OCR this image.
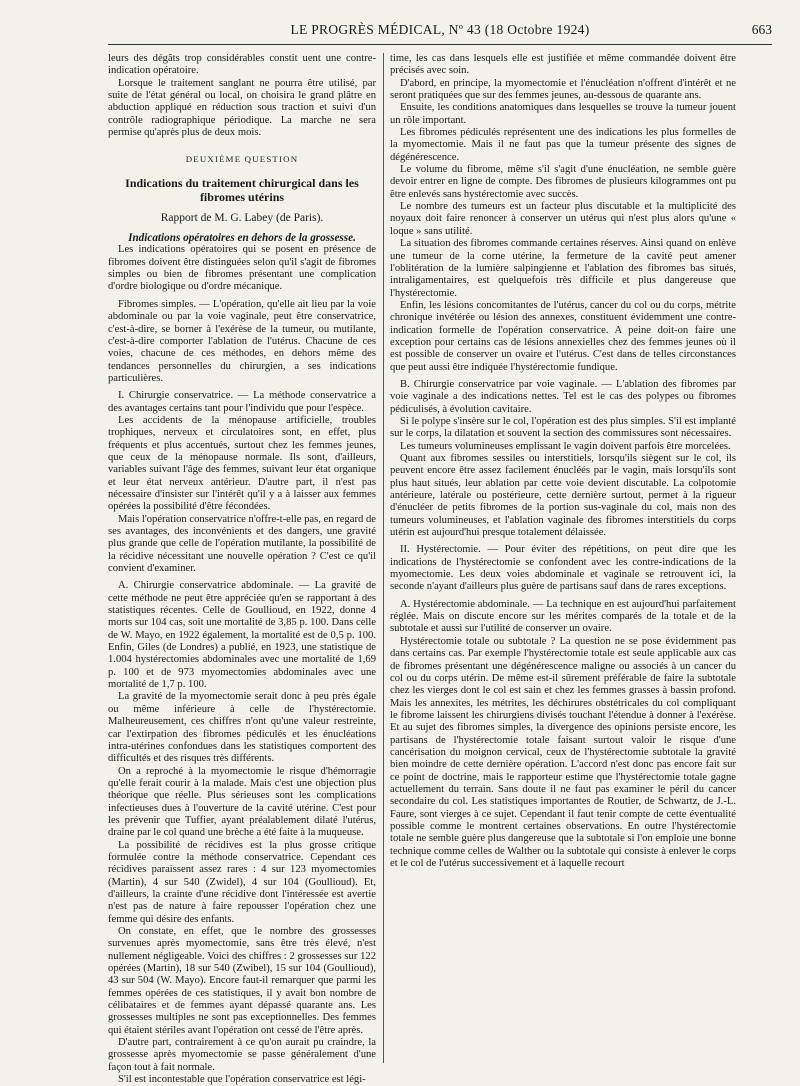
LE PROGRÈS MÉDICAL, Nº 43 (18 Octobre 1924)	663

leurs des dégâts trop considérables constit uent une contre-indication opératoire.

Lorsque le traitement sanglant ne pourra être utilisé, par suite de l'état général ou local, on choisira le grand plâtre en abduction appliqué en réduction sous traction et suivi d'un contrôle radiographique périodique. La marche ne sera permise qu'après plus de deux mois.

DEUXIÈME QUESTION
Indications du traitement chirurgical dans les fibromes utérins
Rapport de M. G. Labey (de Paris).
Indications opératoires en dehors de la grossesse.

Les indications opératoires qui se posent en présence de fibromes doivent être distinguées selon qu'il s'agit de fibromes simples ou bien de fibromes présentant une complication d'ordre biologique ou d'ordre mécanique.

Fibromes simples. — L'opération, qu'elle ait lieu par la voie abdominale ou par la voie vaginale, peut être conservatrice, c'est-à-dire, se borner à l'exérèse de la tumeur, ou mutilante, c'est-à-dire comporter l'ablation de l'utérus. Chacune de ces voies, chacune de ces méthodes, en dehors même des tendances personnelles du chirurgien, a ses indications particulières.

I. Chirurgie conservatrice. — La méthode conservatrice a des avantages certains tant pour l'individu que pour l'espèce.

Les accidents de la ménopause artificielle, troubles trophiques, nerveux et circulatoires sont, en effet, plus fréquents et plus accentués, surtout chez les femmes jeunes, que ceux de la ménopause normale. Ils sont, d'ailleurs, variables suivant l'âge des femmes, suivant leur état organique et leur état nerveux antérieur. D'autre part, il n'est pas nécessaire d'insister sur l'intérêt qu'il y a à laisser aux femmes opérées la possibilité d'être fécondées.

Mais l'opération conservatrice n'offre-t-elle pas, en regard de ses avantages, des inconvénients et des dangers, une gravité plus grande que celle de l'opération mutilante, la possibilité de la récidive nécessitant une nouvelle opération ? C'est ce qu'il convient d'examiner.

A. Chirurgie conservatrice abdominale. — La gravité de cette méthode ne peut être appréciée qu'en se rapportant à des statistiques récentes. Celle de Goullioud, en 1922, donne 4 morts sur 104 cas, soit une mortalité de 3,85 p. 100. Dans celle de W. Mayo, en 1922 également, la mortalité est de 0,5 p. 100. Enfin, Giles (de Londres) a publié, en 1923, une statistique de 1.004 hystérectomies abdominales avec une mortalité de 1,69 p. 100 et de 973 myomectomies abdominales avec une mortalité de 1,7 p. 100.

La gravité de la myomectomie serait donc à peu près égale ou même inférieure à celle de l'hystérectomie. Malheureusement, ces chiffres n'ont qu'une valeur restreinte, car l'extirpation des fibromes pédiculés et les énucléations intra-utérines confondues dans les statistiques comportent des difficultés et des risques très différents.

On a reproché à la myomectomie le risque d'hémorragie qu'elle ferait courir à la malade. Mais c'est une objection plus théorique que réelle. Plus sérieuses sont les complications infectieuses dues à l'ouverture de la cavité utérine. C'est pour les prévenir que Tuffier, ayant préalablement dilaté l'utérus, draine par le col quand une brèche a été faite à la muqueuse.

La possibilité de récidives est la plus grosse critique formulée contre la méthode conservatrice. Cependant ces récidives paraissent assez rares : 4 sur 123 myomectomies (Martin), 4 sur 540 (Zwidel), 4 sur 104 (Goullioud). Et, d'ailleurs, la crainte d'une récidive dont l'intéressée est avertie n'est pas de nature à faire repousser l'opération chez une femme qui désire des enfants.

On constate, en effet, que le nombre des grossesses survenues après myomectomie, sans être très élevé, n'est nullement négligeable. Voici des chiffres : 2 grossesses sur 122 opérées (Martin), 18 sur 540 (Zwibel), 15 sur 104 (Goullioud), 43 sur 504 (W. Mayo). Encore faut-il remarquer que parmi les femmes opérées de ces statistiques, il y avait bon nombre de célibataires et de femmes ayant dépassé quarante ans. Les grossesses multiples ne sont pas exceptionnelles. Des femmes qui étaient stériles avant l'opération ont cessé de l'être après.

D'autre part, contrairement à ce qu'on aurait pu craindre, la grossesse après myomectomie se passe généralement d'une façon tout à fait normale.

S'il est incontestable que l'opération conservatrice est légi-

time, les cas dans lesquels elle est justifiée et même commandée doivent être précisés avec soin.

D'abord, en principe, la myomectomie et l'énucléation n'offrent d'intérêt et ne seront pratiquées que sur des femmes jeunes, au-dessous de quarante ans.

Ensuite, les conditions anatomiques dans lesquelles se trouve la tumeur jouent un rôle important.

Les fibromes pédiculés représentent une des indications les plus formelles de la myomectomie. Mais il ne faut pas que la tumeur présente des signes de dégénérescence.

Le volume du fibrome, même s'il s'agit d'une énucléation, ne semble guère devoir entrer en ligne de compte. Des fibromes de plusieurs kilogrammes ont pu être enlevés sans hystérectomie avec succès.

Le nombre des tumeurs est un facteur plus discutable et la multiplicité des noyaux doit faire renoncer à conserver un utérus qui n'est plus alors qu'une « loque » sans utilité.

La situation des fibromes commande certaines réserves. Ainsi quand on enlève une tumeur de la corne utérine, la fermeture de la cavité peut amener l'oblitération de la lumière salpingienne et l'ablation des fibromes bas situés, intraligamentaires, est quelquefois très difficile et plus dangereuse que l'hystérectomie.

Enfin, les lésions concomitantes de l'utérus, cancer du col ou du corps, métrite chronique invétérée ou lésion des annexes, constituent évidemment une contre-indication formelle de l'opération conservatrice. A peine doit-on faire une exception pour certains cas de lésions annexielles chez des femmes jeunes où il est possible de conserver un ovaire et l'utérus. C'est dans de telles circonstances que peut aussi être indiquée l'hystérectomie fundique.

B. Chirurgie conservatrice par voie vaginale. — L'ablation des fibromes par voie vaginale a des indications nettes. Tel est le cas des polypes ou fibromes pédiculisés, à évolution cavitaire.

Si le polype s'insère sur le col, l'opération est des plus simples. S'il est implanté sur le corps, la dilatation et souvent la section des commissures sont nécessaires.

Les tumeurs volumineuses emplissant le vagin doivent parfois être morcelées.

Quant aux fibromes sessiles ou interstitiels, lorsqu'ils siègent sur le col, ils peuvent encore être assez facilement énucléés par le vagin, mais lorsqu'ils sont plus haut situés, leur ablation par cette voie devient discutable. La colpotomie antérieure, latérale ou postérieure, cette dernière surtout, permet à la rigueur d'énucléer de petits fibromes de la portion sus-vaginale du col, mais non des tumeurs volumineuses, et l'ablation vaginale des fibromes interstitiels du corps utérin est aujourd'hui presque totalement délaissée.

II. Hystérectomie. — Pour éviter des répétitions, on peut dire que les indications de l'hystérectomie se confondent avec les contre-indications de la myomectomie. Les deux voies abdominale et vaginale se retrouvent ici, la seconde n'ayant d'ailleurs plus guère de partisans sauf dans de rares exceptions.

A. Hystérectomie abdominale. — La technique en est aujourd'hui parfaitement réglée. Mais on discute encore sur les mérites comparés de la totale et de la subtotale et aussi sur l'utilité de conserver un ovaire.

Hystérectomie totale ou subtotale ? La question ne se pose évidemment pas dans certains cas. Par exemple l'hystérectomie totale est seule applicable aux cas de fibromes présentant une dégénérescence maligne ou associés à un cancer du col ou du corps utérin. De même est-il sûrement préférable de faire la subtotale chez les vierges dont le col est sain et chez les femmes grasses à bassin profond. Mais les annexites, les métrites, les déchirures obstétricales du col compliquant le fibrome laissent les chirurgiens divisés touchant l'étendue à donner à l'exérèse. Et au sujet des fibromes simples, la divergence des opinions persiste encore, les partisans de l'hystérectomie totale faisant surtout valoir le risque d'une cancérisation du moignon cervical, ceux de l'hystérectomie subtotale la gravité bien moindre de cette dernière opération. L'accord n'est donc pas encore fait sur ce point de doctrine, mais le rapporteur estime que l'hystérectomie totale gagne actuellement du terrain. Sans doute il ne faut pas examiner le péril du cancer secondaire du col. Les statistiques importantes de Routier, de Schwartz, de J.-L. Faure, sont vierges à ce sujet. Cependant il faut tenir compte de cette éventualité possible comme le montrent certaines observations. En outre l'hystérectomie totale ne semble guère plus dangereuse que la subtotale si l'on emploie une bonne technique comme celles de Walther ou la subtotale qui consiste à enlever le corps et le col de l'utérus successivement et à laquelle recourt
